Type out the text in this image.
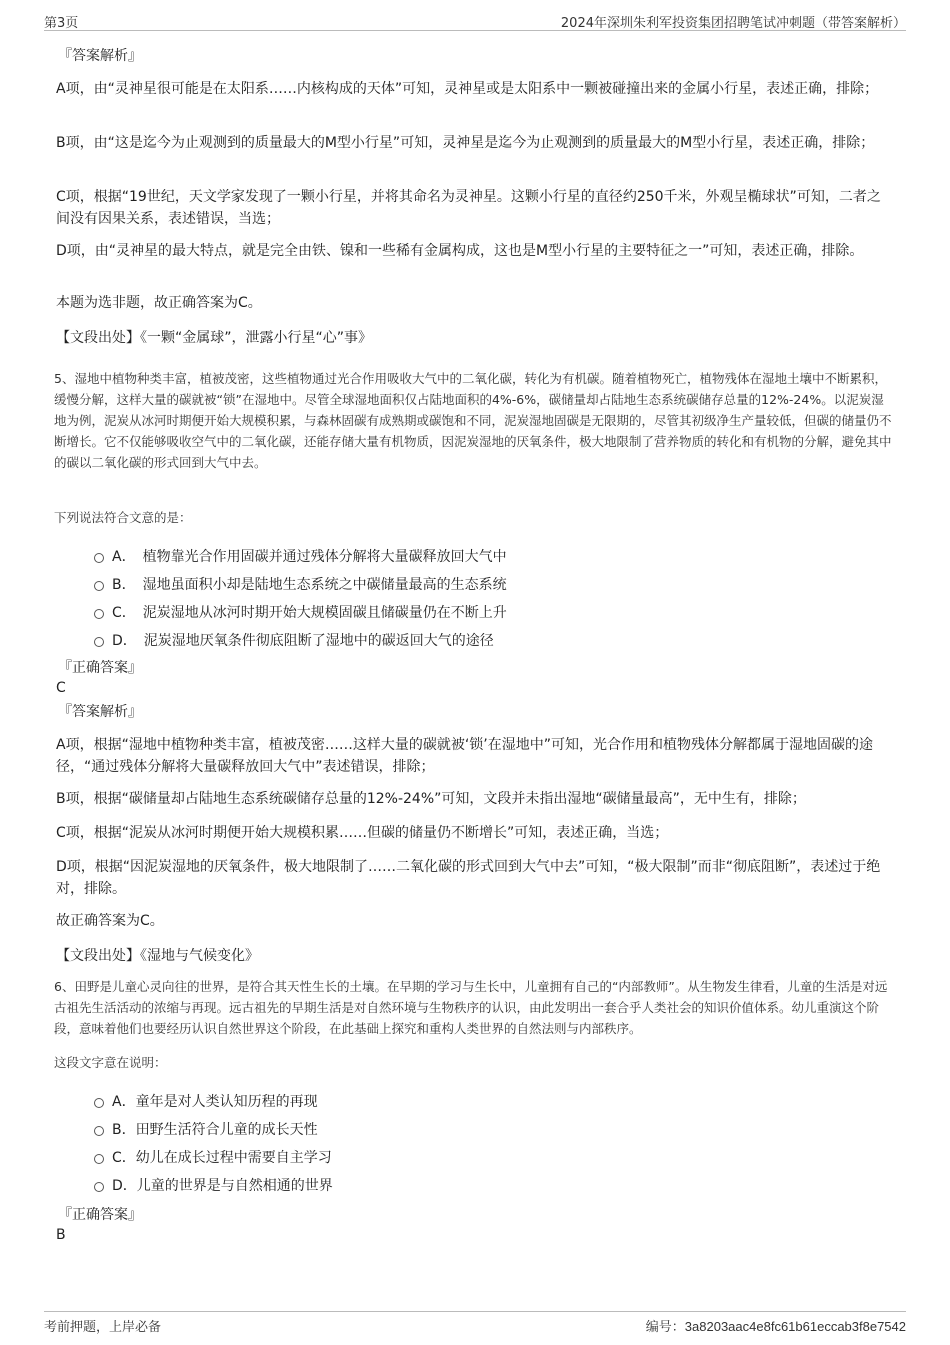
第3页	2024年深圳朱利军投资集团招聘笔试冲刺题（带答案解析）
『答案解析』

A项，由“灵神星很可能是在太阳系……内核构成的天体”可知，灵神星或是太阳系中一颗被碰撞出来的金属小行星，表述正确，排除；

B项，由“这是迄今为止观测到的质量最大的M型小行星”可知，灵神星是迄今为止观测到的质量最大的M型小行星，表述正确，排除；

C项，根据“19世纪，天文学家发现了一颗小行星，并将其命名为灵神星。这颗小行星的直径约250千米，外观呈椭球状”可知，二者之间没有因果关系，表述错误，当选；

D项，由“灵神星的最大特点，就是完全由铁、镍和一些稀有金属构成，这也是M型小行星的主要特征之一”可知，表述正确，排除。

本题为选非题，故正确答案为C。

【文段出处】《一颗“金属球”，泄露小行星“心”事》

5、湿地中植物种类丰富，植被茂密，这些植物通过光合作用吸收大气中的二氧化碳，转化为有机碳。随着植物死亡，植物残体在湿地土壤中不断累积，缓慢分解，这样大量的碳就被“锁”在湿地中。尽管全球湿地面积仅占陆地面积的4%-6%，碳储量却占陆地生态系统碳储存总量的12%-24%。以泥炭湿地为例，泥炭从冰河时期便开始大规模积累，与森林固碳有成熟期或碳饱和不同，泥炭湿地固碳是无限期的，尽管其初级净生产量较低，但碳的储量仍不断增长。它不仅能够吸收空气中的二氧化碳，还能存储大量有机物质，因泥炭湿地的厌氧条件，极大地限制了营养物质的转化和有机物的分解，避免其中的碳以二氧化碳的形式回到大气中去。

下列说法符合文意的是：
A．　植物靠光合作用固碳并通过残体分解将大量碳释放回大气中
B．　湿地虽面积小却是陆地生态系统之中碳储量最高的生态系统
C．　泥炭湿地从冰河时期开始大规模固碳且储碳量仍在不断上升
D．　泥炭湿地厌氧条件彻底阻断了湿地中的碳返回大气的途径
『正确答案』
C
『答案解析』

A项，根据“湿地中植物种类丰富，植被茂密……这样大量的碳就被‘锁’在湿地中”可知，光合作用和植物残体分解都属于湿地固碳的途径，“通过残体分解将大量碳释放回大气中”表述错误，排除；

B项，根据“碳储量却占陆地生态系统碳储存总量的12%-24%”可知，文段并未指出湿地“碳储量最高”，无中生有，排除；

C项，根据“泥炭从冰河时期便开始大规模积累……但碳的储量仍不断增长”可知，表述正确，当选；

D项，根据“因泥炭湿地的厌氧条件，极大地限制了……二氧化碳的形式回到大气中去”可知，“极大限制”而非“彻底阻断”，表述过于绝对，排除。

故正确答案为C。

【文段出处】《湿地与气候变化》

6、田野是儿童心灵向往的世界，是符合其天性生长的土壤。在早期的学习与生长中，儿童拥有自己的“内部教师”。从生物发生律看，儿童的生活是对远古祖先生活活动的浓缩与再现。远古祖先的早期生活是对自然环境与生物秩序的认识，由此发明出一套合乎人类社会的知识价值体系。幼儿重演这个阶段，意味着他们也要经历认识自然世界这个阶段，在此基础上探究和重构人类世界的自然法则与内部秩序。

这段文字意在说明：
A．童年是对人类认知历程的再现
B．田野生活符合儿童的成长天性
C．幼儿在成长过程中需要自主学习
D．儿童的世界是与自然相通的世界
『正确答案』
B
考前押题，上岸必备	编号：3a8203aac4e8fc61b61eccab3f8e7542
